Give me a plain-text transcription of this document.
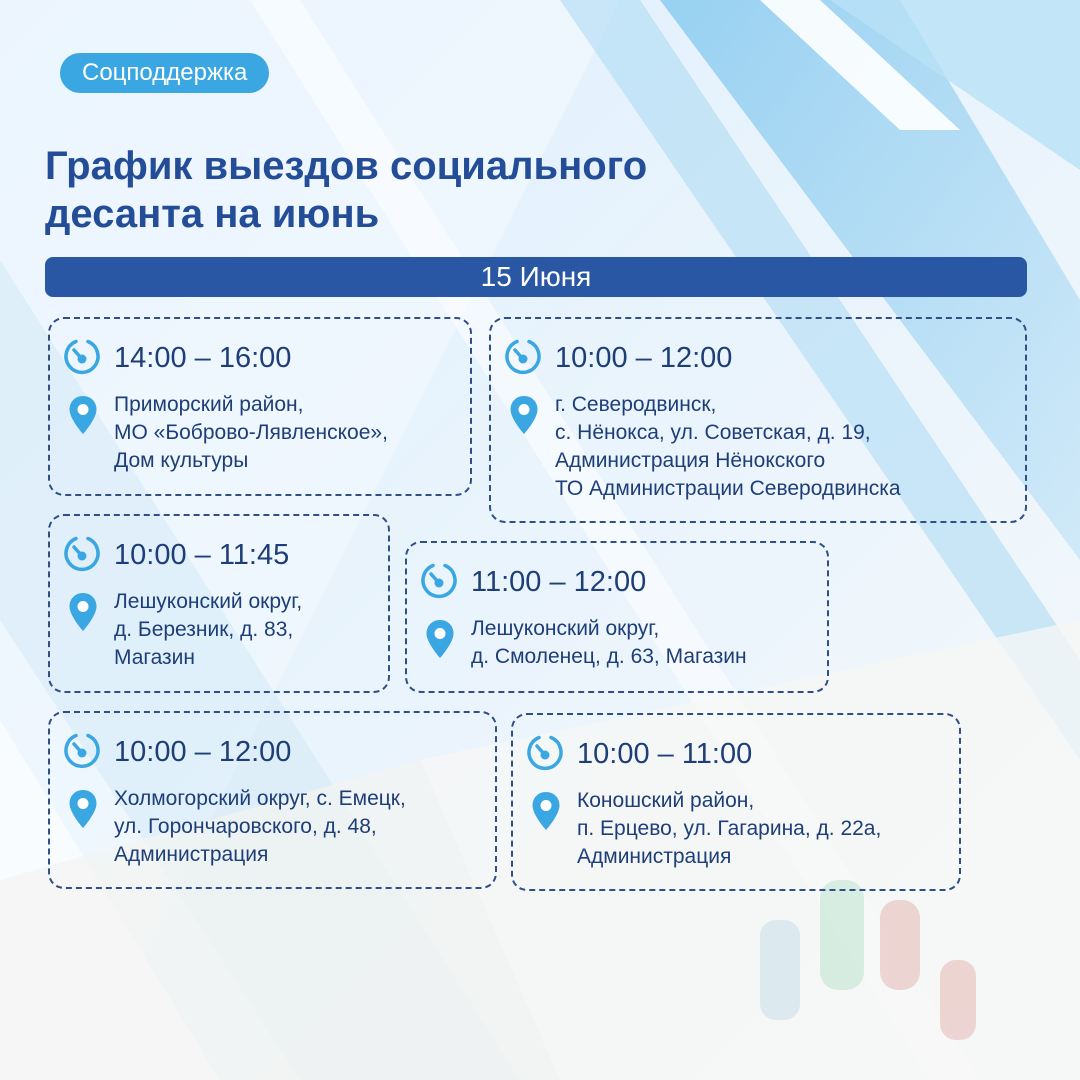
Соцподдержка
График выездов социального
десанта на июнь
15 Июня
14:00 – 16:00
Приморский район,
МО «Боброво-Лявленское»,
Дом культуры
10:00 – 12:00
г. Северодвинск,
с. Нёнокса, ул. Советская, д. 19,
Администрация Нёнокского
ТО Администрации Северодвинска
10:00 – 11:45
Лешуконский округ,
д. Березник, д. 83,
Магазин
11:00 – 12:00
Лешуконский округ,
д. Смоленец, д. 63, Магазин
10:00 – 12:00
Холмогорский округ, с. Емецк,
ул. Горончаровского, д. 48,
Администрация
10:00 – 11:00
Коношский район,
п. Ерцево, ул. Гагарина, д. 22а,
Администрация
